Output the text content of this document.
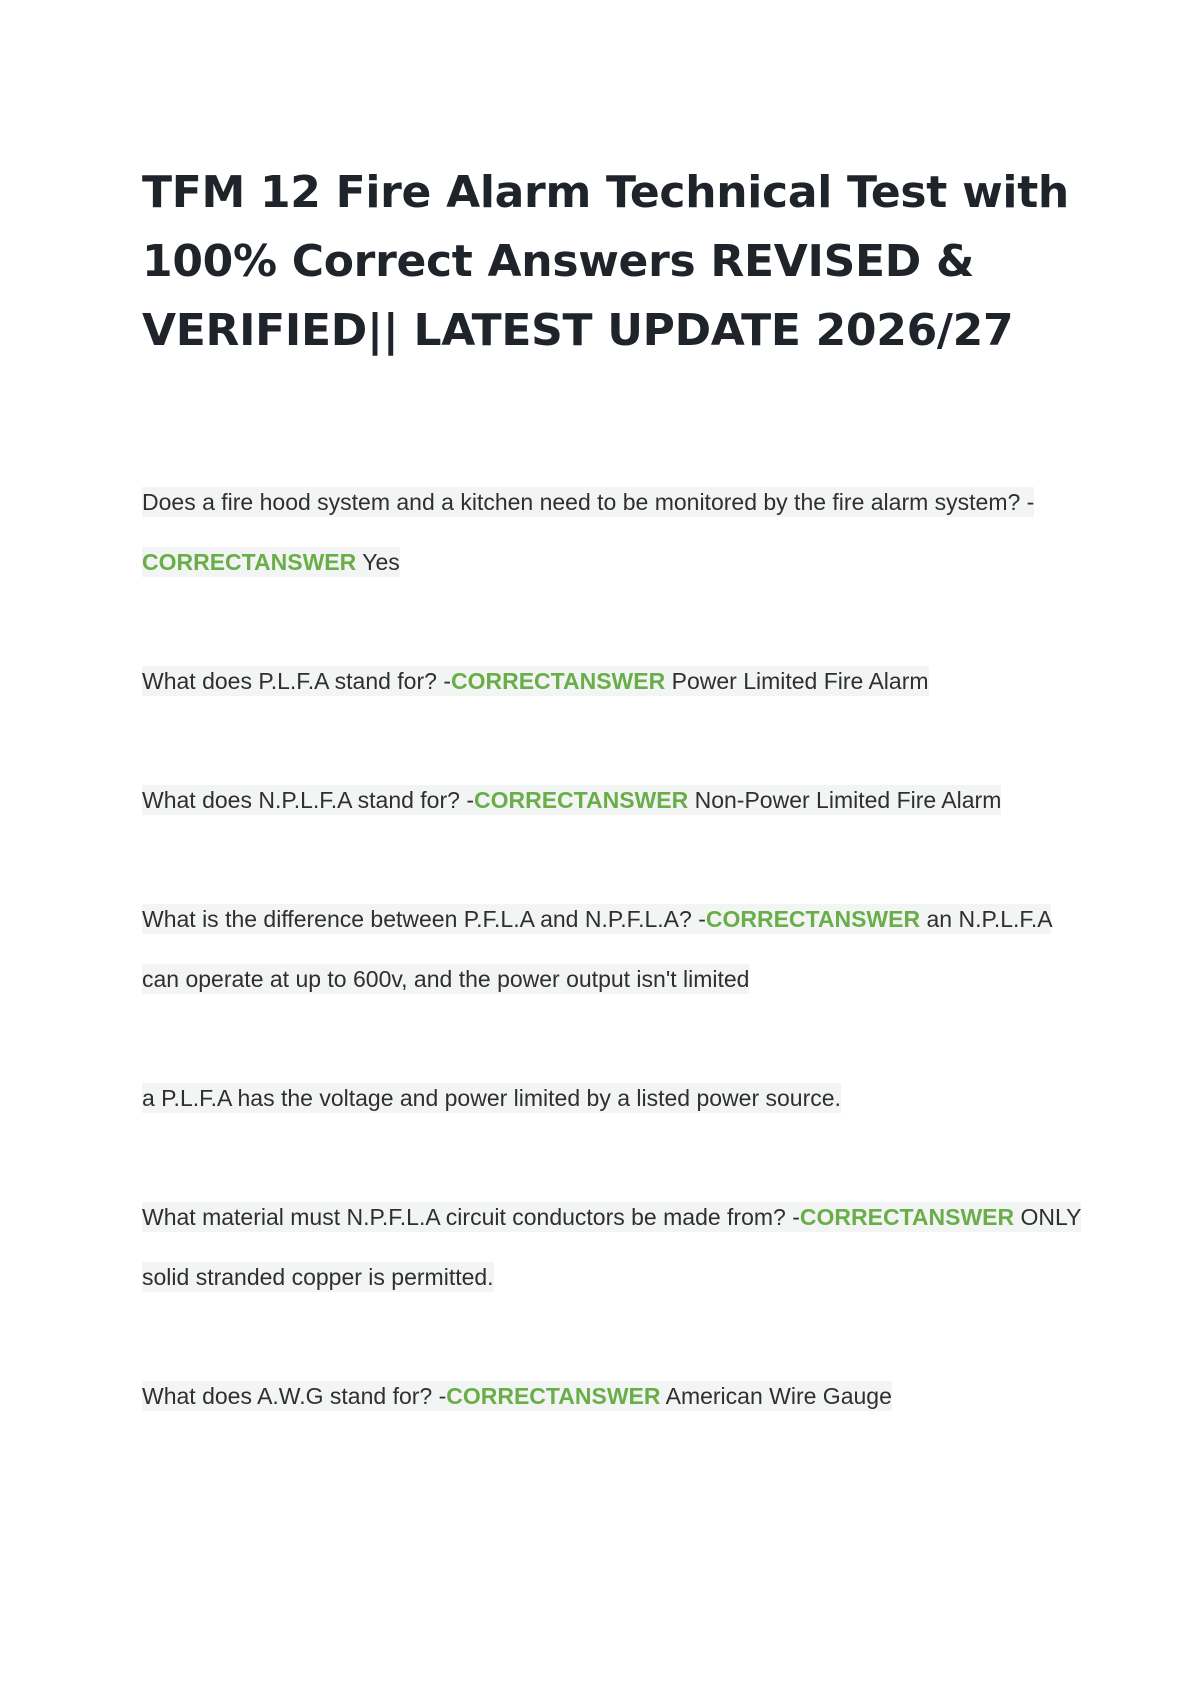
TFM 12 Fire Alarm Technical Test with 100% Correct Answers REVISED & VERIFIED|| LATEST UPDATE 2026/27

Does a fire hood system and a kitchen need to be monitored by the fire alarm system? -CORRECTANSWER Yes

What does P.L.F.A stand for? -CORRECTANSWER Power Limited Fire Alarm

What does N.P.L.F.A stand for? -CORRECTANSWER Non-Power Limited Fire Alarm

What is the difference between P.F.L.A and N.P.F.L.A? -CORRECTANSWER an N.P.L.F.A can operate at up to 600v, and the power output isn't limited

a P.L.F.A has the voltage and power limited by a listed power source.

What material must N.P.F.L.A circuit conductors be made from? -CORRECTANSWER ONLY solid stranded copper is permitted.

What does A.W.G stand for? -CORRECTANSWER American Wire Gauge
